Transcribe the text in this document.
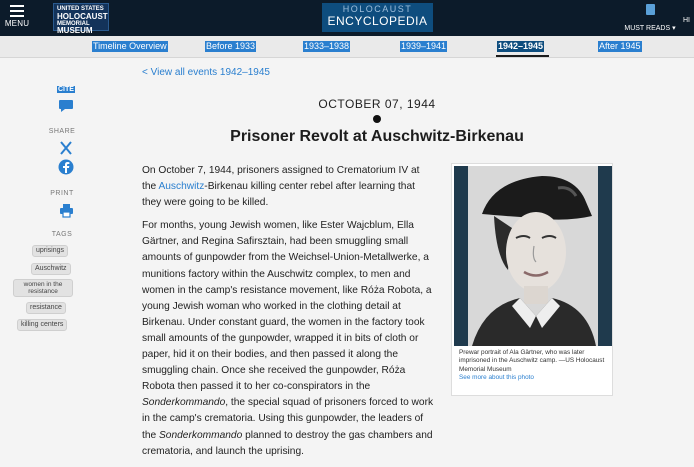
MENU
UNITED STATES
HOLOCAUST
MEMORIAL
MUSEUM
HOLOCAUST
ENCYCLOPEDIA
MUST READS ▾
HI
Timeline Overview	Before 1933	1933–1938	1939–1941	1942–1945	After 1945
CITE
SHARE
PRINT
TAGS
uprisings
Auschwitz
women in the resistance
resistance
killing centers
< View all events 1942–1945
OCTOBER 07, 1944
Prisoner Revolt at Auschwitz-Birkenau

On October 7, 1944, prisoners assigned to Crematorium IV at the Auschwitz-Birkenau killing center rebel after learning that they were going to be killed.

For months, young Jewish women, like Ester Wajcblum, Ella Gärtner, and Regina Safirsztain, had been smuggling small amounts of gunpowder from the Weichsel-Union-Metallwerke, a munitions factory within the Auschwitz complex, to men and women in the camp's resistance movement, like Róża Robota, a young Jewish woman who worked in the clothing detail at Birkenau. Under constant guard, the women in the factory took small amounts of the gunpowder, wrapped it in bits of cloth or paper, hid it on their bodies, and then passed it along the smuggling chain. Once she received the gunpowder, Róża Robota then passed it to her co-conspirators in the Sonderkommando, the special squad of prisoners forced to work in the camp's crematoria. Using this gunpowder, the leaders of the Sonderkommando planned to destroy the gas chambers and crematoria, and launch the uprising.

Prewar portrait of Ala Gärtner, who was later imprisoned in the Auschwitz camp. —US Holocaust Memorial Museum
See more about this photo
